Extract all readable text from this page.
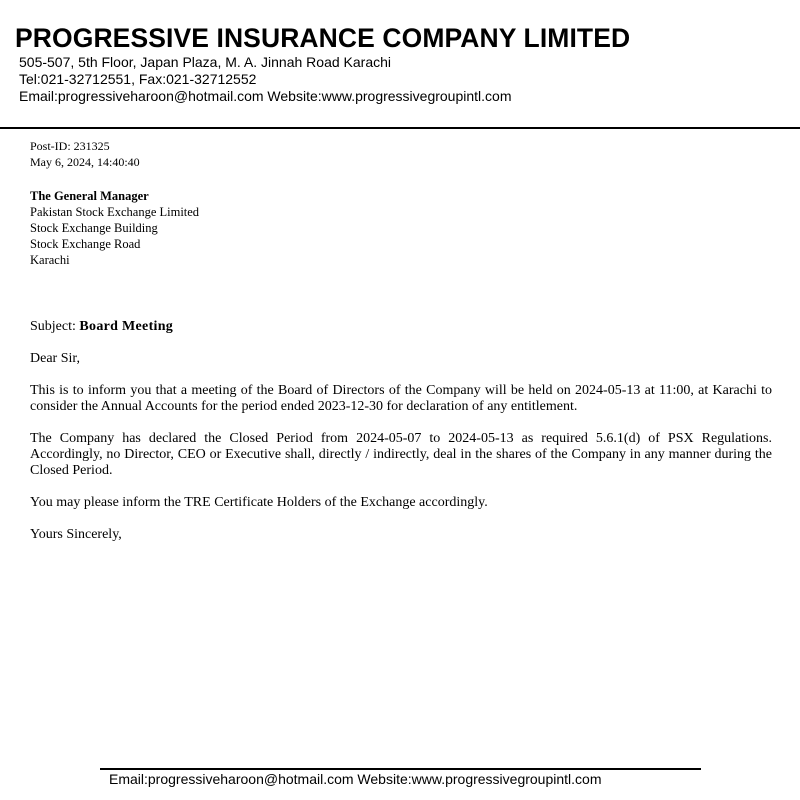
PROGRESSIVE INSURANCE COMPANY LIMITED
505-507, 5th Floor, Japan Plaza, M. A. Jinnah Road Karachi
Tel:021-32712551, Fax:021-32712552
Email:progressiveharoon@hotmail.com Website:www.progressivegroupintl.com
Post-ID: 231325
May 6, 2024, 14:40:40
The General Manager
Pakistan Stock Exchange Limited
Stock Exchange Building
Stock Exchange Road
Karachi
Subject: Board Meeting
Dear Sir,
This is to inform you that a meeting of the Board of Directors of the Company will be held on 2024-05-13 at 11:00, at Karachi to consider the Annual Accounts for the period ended 2023-12-30 for declaration of any entitlement.
The Company has declared the Closed Period from 2024-05-07 to 2024-05-13 as required 5.6.1(d) of PSX Regulations. Accordingly, no Director, CEO or Executive shall, directly / indirectly, deal in the shares of the Company in any manner during the Closed Period.
You may please inform the TRE Certificate Holders of the Exchange accordingly.
Yours Sincerely,
Email:progressiveharoon@hotmail.com Website:www.progressivegroupintl.com
